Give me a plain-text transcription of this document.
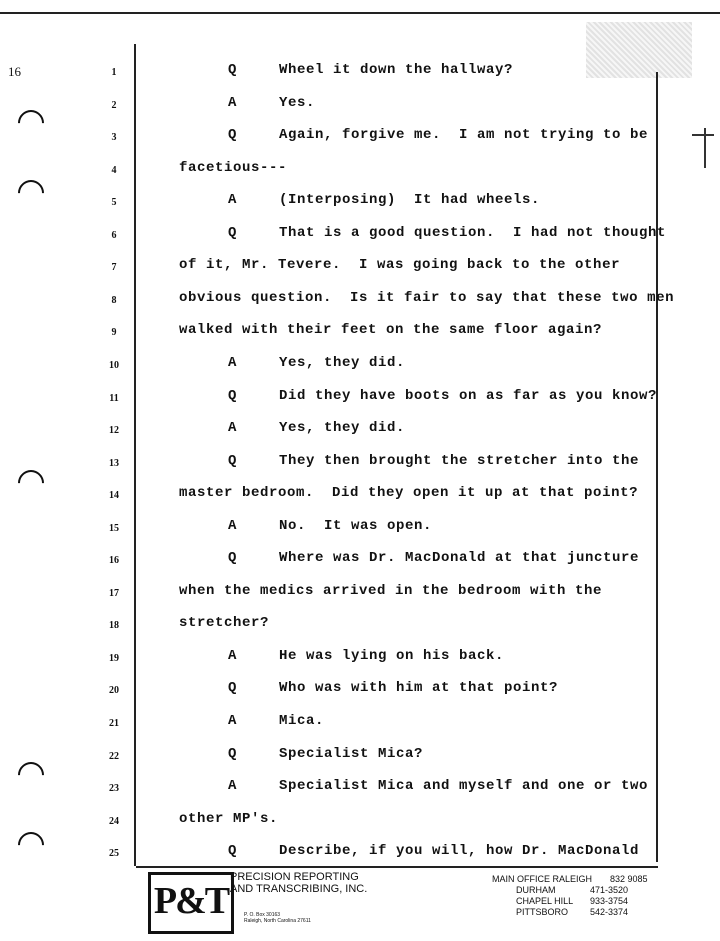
16	1	Q	Wheel it down the hallway?
2	A	Yes.
3	Q	Again, forgive me.  I am not trying to be
4	facetious---
5	A	(Interposing)  It had wheels.
6	Q	That is a good question.  I had not thought
7	of it, Mr. Tevere.  I was going back to the other
8	obvious question.  Is it fair to say that these two men
9	walked with their feet on the same floor again?
10	A	Yes, they did.
11	Q	Did they have boots on as far as you know?
12	A	Yes, they did.
13	Q	They then brought the stretcher into the
14	master bedroom.  Did they open it up at that point?
15	A	No.  It was open.
16	Q	Where was Dr. MacDonald at that juncture
17	when the medics arrived in the bedroom with the
18	stretcher?
19	A	He was lying on his back.
20	Q	Who was with him at that point?
21	A	Mica.
22	Q	Specialist Mica?
23	A	Specialist Mica and myself and one or two
24	other MP's.
25	Q	Describe, if you will, how Dr. MacDonald
P&T
PRECISION REPORTING
AND TRANSCRIBING, INC.
P. O. Box 30163
Raleigh, North Carolina 27611
MAIN OFFICE RALEIGH 832 9085
DURHAM	471-3520
CHAPEL HILL 933-3754
PITTSBORO 542-3374
